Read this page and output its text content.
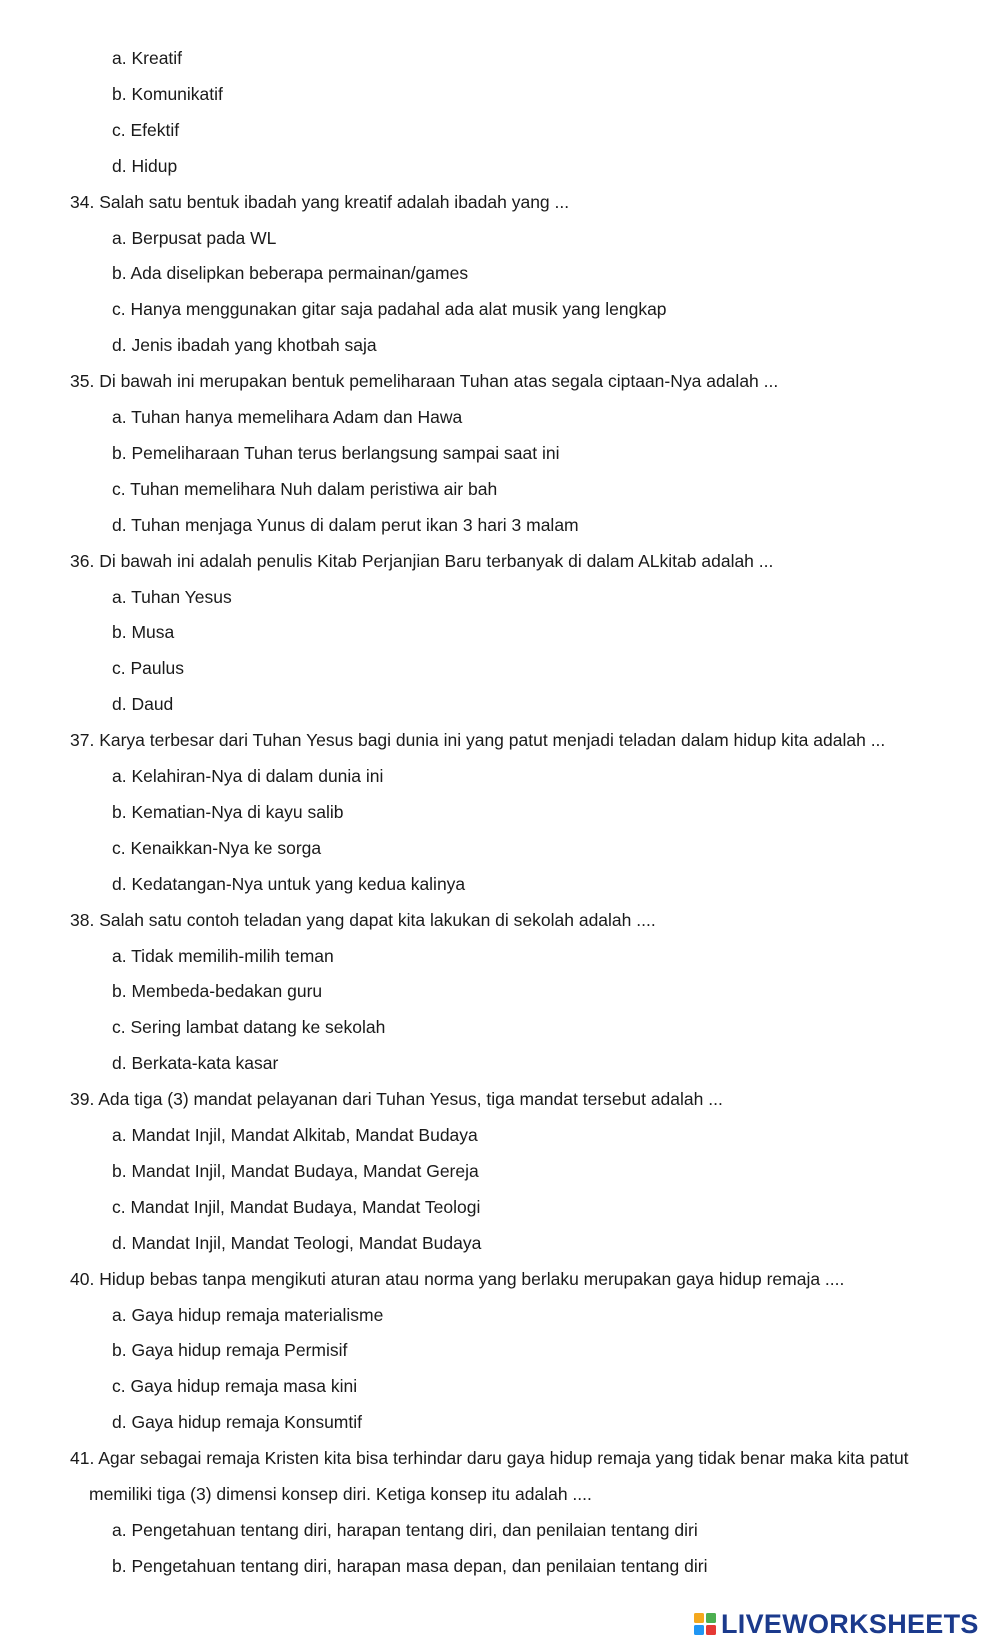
a. Kreatif
b. Komunikatif
c. Efektif
d. Hidup
34. Salah satu bentuk ibadah yang kreatif adalah ibadah yang ...
a. Berpusat pada WL
b. Ada diselipkan beberapa permainan/games
c. Hanya menggunakan gitar saja padahal ada alat musik yang lengkap
d. Jenis ibadah yang khotbah saja
35. Di bawah ini merupakan bentuk pemeliharaan Tuhan atas segala ciptaan-Nya adalah ...
a. Tuhan hanya memelihara Adam dan Hawa
b. Pemeliharaan Tuhan terus berlangsung sampai saat ini
c. Tuhan memelihara Nuh dalam peristiwa air bah
d. Tuhan menjaga Yunus di dalam perut ikan 3 hari 3 malam
36. Di bawah ini adalah penulis Kitab Perjanjian Baru terbanyak di dalam ALkitab adalah ...
a. Tuhan Yesus
b. Musa
c. Paulus
d. Daud
37. Karya terbesar dari Tuhan Yesus bagi dunia ini yang patut menjadi teladan dalam hidup kita adalah ...
a. Kelahiran-Nya di dalam dunia ini
b. Kematian-Nya di kayu salib
c. Kenaikkan-Nya ke sorga
d. Kedatangan-Nya untuk yang kedua kalinya
38. Salah satu contoh teladan yang dapat kita lakukan di sekolah adalah ....
a. Tidak memilih-milih teman
b. Membeda-bedakan guru
c. Sering lambat datang ke sekolah
d. Berkata-kata kasar
39. Ada tiga (3) mandat pelayanan dari Tuhan Yesus, tiga mandat tersebut adalah ...
a. Mandat Injil, Mandat Alkitab, Mandat Budaya
b. Mandat Injil, Mandat Budaya, Mandat Gereja
c. Mandat Injil, Mandat Budaya, Mandat Teologi
d. Mandat Injil, Mandat Teologi, Mandat Budaya
40. Hidup bebas tanpa mengikuti aturan atau norma yang berlaku merupakan gaya hidup remaja ....
a. Gaya hidup remaja materialisme
b. Gaya hidup remaja Permisif
c. Gaya hidup remaja masa kini
d. Gaya hidup remaja Konsumtif
41. Agar sebagai remaja Kristen kita bisa terhindar daru gaya hidup remaja yang tidak benar maka kita patut
memiliki tiga (3) dimensi konsep diri. Ketiga konsep itu adalah ....
a. Pengetahuan tentang diri, harapan tentang diri, dan penilaian tentang diri
b. Pengetahuan tentang diri, harapan masa depan, dan penilaian tentang diri
LIVEWORKSHEETS
